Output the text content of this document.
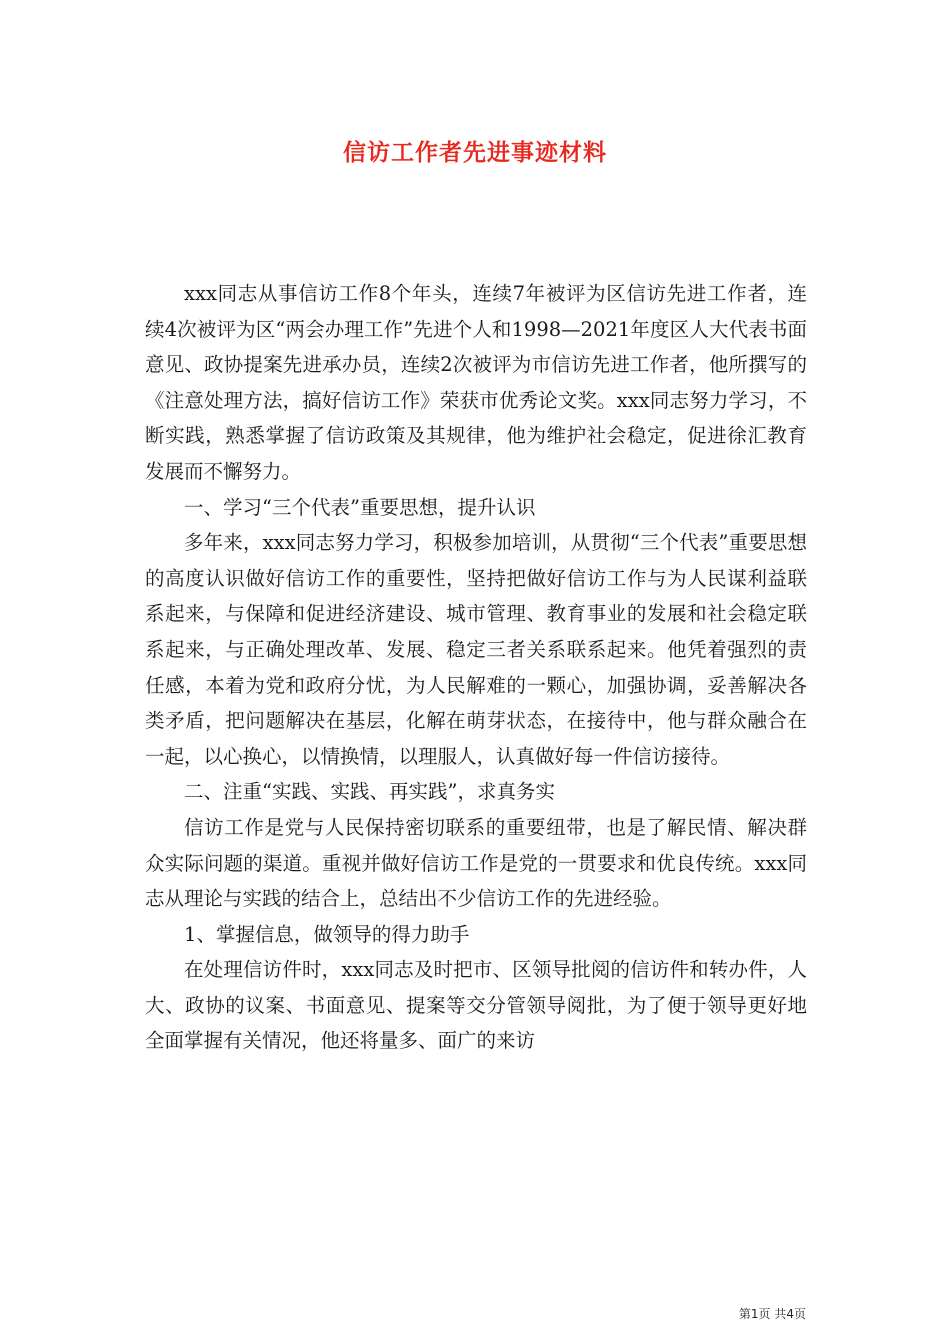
信访工作者先进事迹材料

xxx同志从事信访工作8个年头，连续7年被评为区信访先进工作者，连续4次被评为区“两会办理工作”先进个人和1998—2021年度区人大代表书面意见、政协提案先进承办员，连续2次被评为市信访先进工作者，他所撰写的《注意处理方法，搞好信访工作》荣获市优秀论文奖。xxx同志努力学习，不断实践，熟悉掌握了信访政策及其规律，他为维护社会稳定，促进徐汇教育发展而不懈努力。

一、学习“三个代表”重要思想，提升认识

多年来，xxx同志努力学习，积极参加培训，从贯彻“三个代表”重要思想的高度认识做好信访工作的重要性，坚持把做好信访工作与为人民谋利益联系起来，与保障和促进经济建设、城市管理、教育事业的发展和社会稳定联系起来，与正确处理改革、发展、稳定三者关系联系起来。他凭着强烈的责任感，本着为党和政府分忧，为人民解难的一颗心，加强协调，妥善解决各类矛盾，把问题解决在基层，化解在萌芽状态，在接待中，他与群众融合在一起，以心换心，以情换情，以理服人，认真做好每一件信访接待。

二、注重“实践、实践、再实践”，求真务实

信访工作是党与人民保持密切联系的重要纽带，也是了解民情、解决群众实际问题的渠道。重视并做好信访工作是党的一贯要求和优良传统。xxx同志从理论与实践的结合上，总结出不少信访工作的先进经验。

1、掌握信息，做领导的得力助手

在处理信访件时，xxx同志及时把市、区领导批阅的信访件和转办件，人大、政协的议案、书面意见、提案等交分管领导阅批，为了便于领导更好地全面掌握有关情况，他还将量多、面广的来访

第1页 共4页
